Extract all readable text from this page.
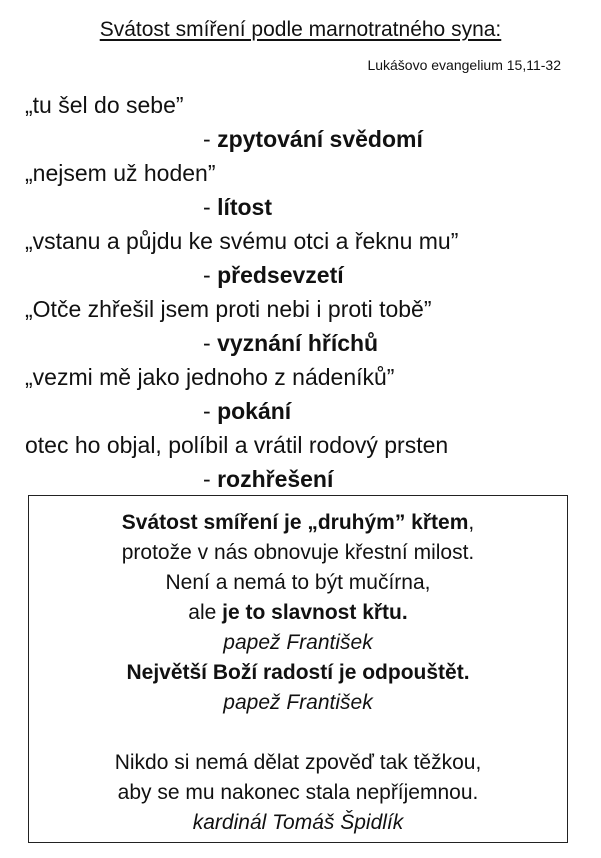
Svátost smíření podle marnotratného syna:
Lukášovo evangelium 15,11-32
„tu šel do sebe”
- zpytování svědomí
„nejsem už hoden”
- lítost
„vstanu a půjdu ke svému otci a řeknu mu”
- předsevzetí
„Otče zhřešil jsem proti nebi i proti tobě”
- vyznání hříchů
„vezmi mě jako jednoho z nádeníků”
- pokání
otec ho objal, políbil a vrátil rodový prsten
- rozhřešení
Svátost smíření je „druhým” křtem,
protože v nás obnovuje křestní milost.
Není a nemá to být mučírna,
ale je to slavnost křtu.
papež František
Největší Boží radostí je odpouštět.
papež František
Nikdo si nemá dělat zpověď tak těžkou,
aby se mu nakonec stala nepříjemnou.
kardinál Tomáš Špidlík
